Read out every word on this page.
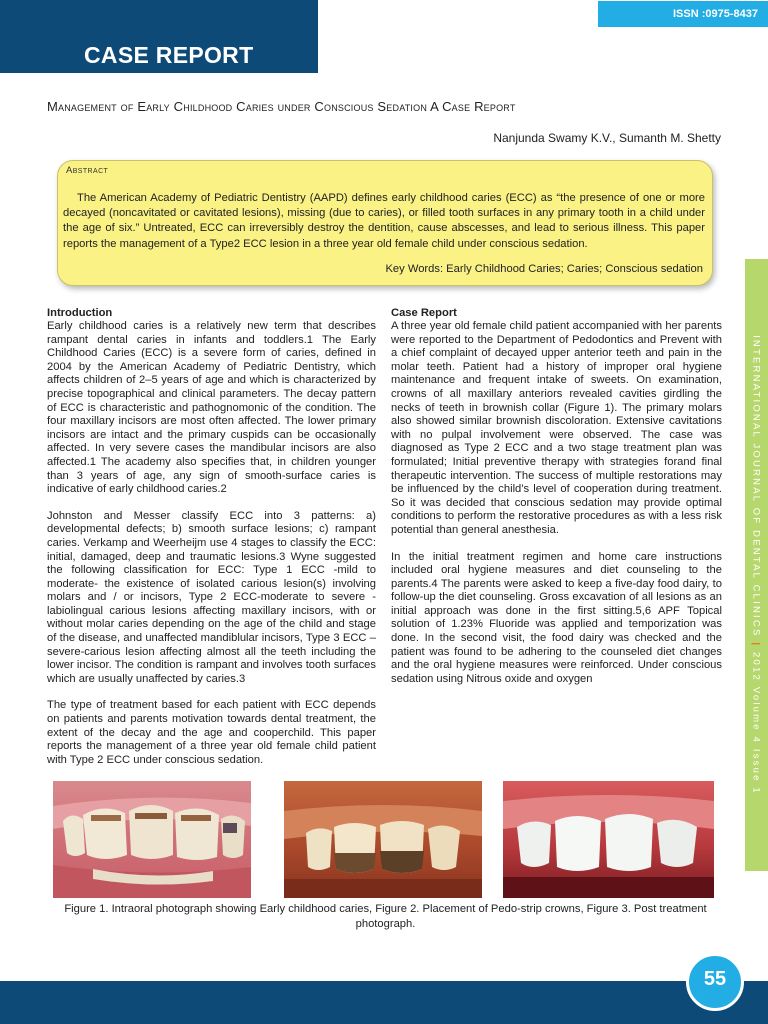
CASE REPORT
ISSN :0975-8437
Management of Early Childhood Caries under Conscious Sedation A Case Report
Nanjunda Swamy K.V., Sumanth M. Shetty
Abstract
The American Academy of Pediatric Dentistry (AAPD) defines early childhood caries (ECC) as “the presence of one or more decayed (noncavitated or cavitated lesions), missing (due to caries), or filled tooth surfaces in any primary tooth in a child under the age of six.” Untreated, ECC can irreversibly destroy the dentition, cause abscesses, and lead to serious illness. This paper reports the management of a Type2 ECC lesion in a three year old female child under conscious sedation.
Key Words: Early Childhood Caries; Caries; Conscious sedation
Introduction

Early childhood caries is a relatively new term that describes rampant dental caries in infants and toddlers.1 The Early Childhood Caries (ECC) is a severe form of caries, defined in 2004 by the American Academy of Pediatric Dentistry, which affects children of 2–5 years of age and which is characterized by precise topographical and clinical parameters. The decay pattern of ECC is characteristic and pathognomonic of the condition. The four maxillary incisors are most often affected. The lower primary incisors are intact and the primary cuspids can be occasionally affected. In very severe cases the mandibular incisors are also affected.1 The academy also specifies that, in children younger than 3 years of age, any sign of smooth-surface caries is indicative of early childhood caries.2

Johnston and Messer classify ECC into 3 patterns: a) developmental defects; b) smooth surface lesions; c) rampant caries. Verkamp and Weerheijm use 4 stages to classify the ECC: initial, damaged, deep and traumatic lesions.3 Wyne suggested the following classification for ECC: Type 1 ECC -mild to moderate- the existence of isolated carious lesion(s) involving molars and / or incisors, Type 2 ECC-moderate to severe -labiolingual carious lesions affecting maxillary incisors, with or without molar caries depending on the age of the child and stage of the disease, and unaffected mandiblular incisors, Type 3 ECC – severe-carious lesion affecting almost all the teeth including the lower incisor. The condition is rampant and involves tooth surfaces which are usually unaffected by caries.3

The type of treatment based for each patient with ECC depends on patients and parents motivation towards dental treatment, the extent of the decay and the age and cooperchild. This paper reports the management of a three year old female child patient with Type 2 ECC under conscious sedation.

Case Report

A three year old female child patient accompanied with her parents were reported to the Department of Pedodontics and Prevent with a chief complaint of decayed upper anterior teeth and pain in the molar teeth. Patient had a history of improper oral hygiene maintenance and frequent intake of sweets. On examination, crowns of all maxillary anteriors revealed cavities girdling the necks of teeth in brownish collar (Figure 1). The primary molars also showed similar brownish discoloration. Extensive cavitations with no pulpal involvement were observed. The case was diagnosed as Type 2 ECC and a two stage treatment plan was formulated; Initial preventive therapy with strategies forand final therapeutic intervention. The success of multiple restorations may be influenced by the child’s level of cooperation during treatment. So it was decided that conscious sedation may provide optimal conditions to perform the restorative procedures as with a less risk potential than general anesthesia.

In the initial treatment regimen and home care instructions included oral hygiene measures and diet counseling to the parents.4 The parents were asked to keep a five-day food dairy, to follow-up the diet counseling. Gross excavation of all lesions as an initial approach was done in the first sitting.5,6 APF Topical solution of 1.23% Fluoride was applied and temporization was done. In the second visit, the food dairy was checked and the patient was found to be adhering to the counseled diet changes and the oral hygiene measures were reinforced. Under conscious sedation using Nitrous oxide and oxygen

INTERNATIONAL JOURNAL OF DENTAL CLINICS | 2012 Volume 4 Issue 1
Figure 1. Intraoral photograph showing Early childhood caries, Figure 2. Placement of Pedo-strip crowns, Figure 3. Post treatment photograph.
55
